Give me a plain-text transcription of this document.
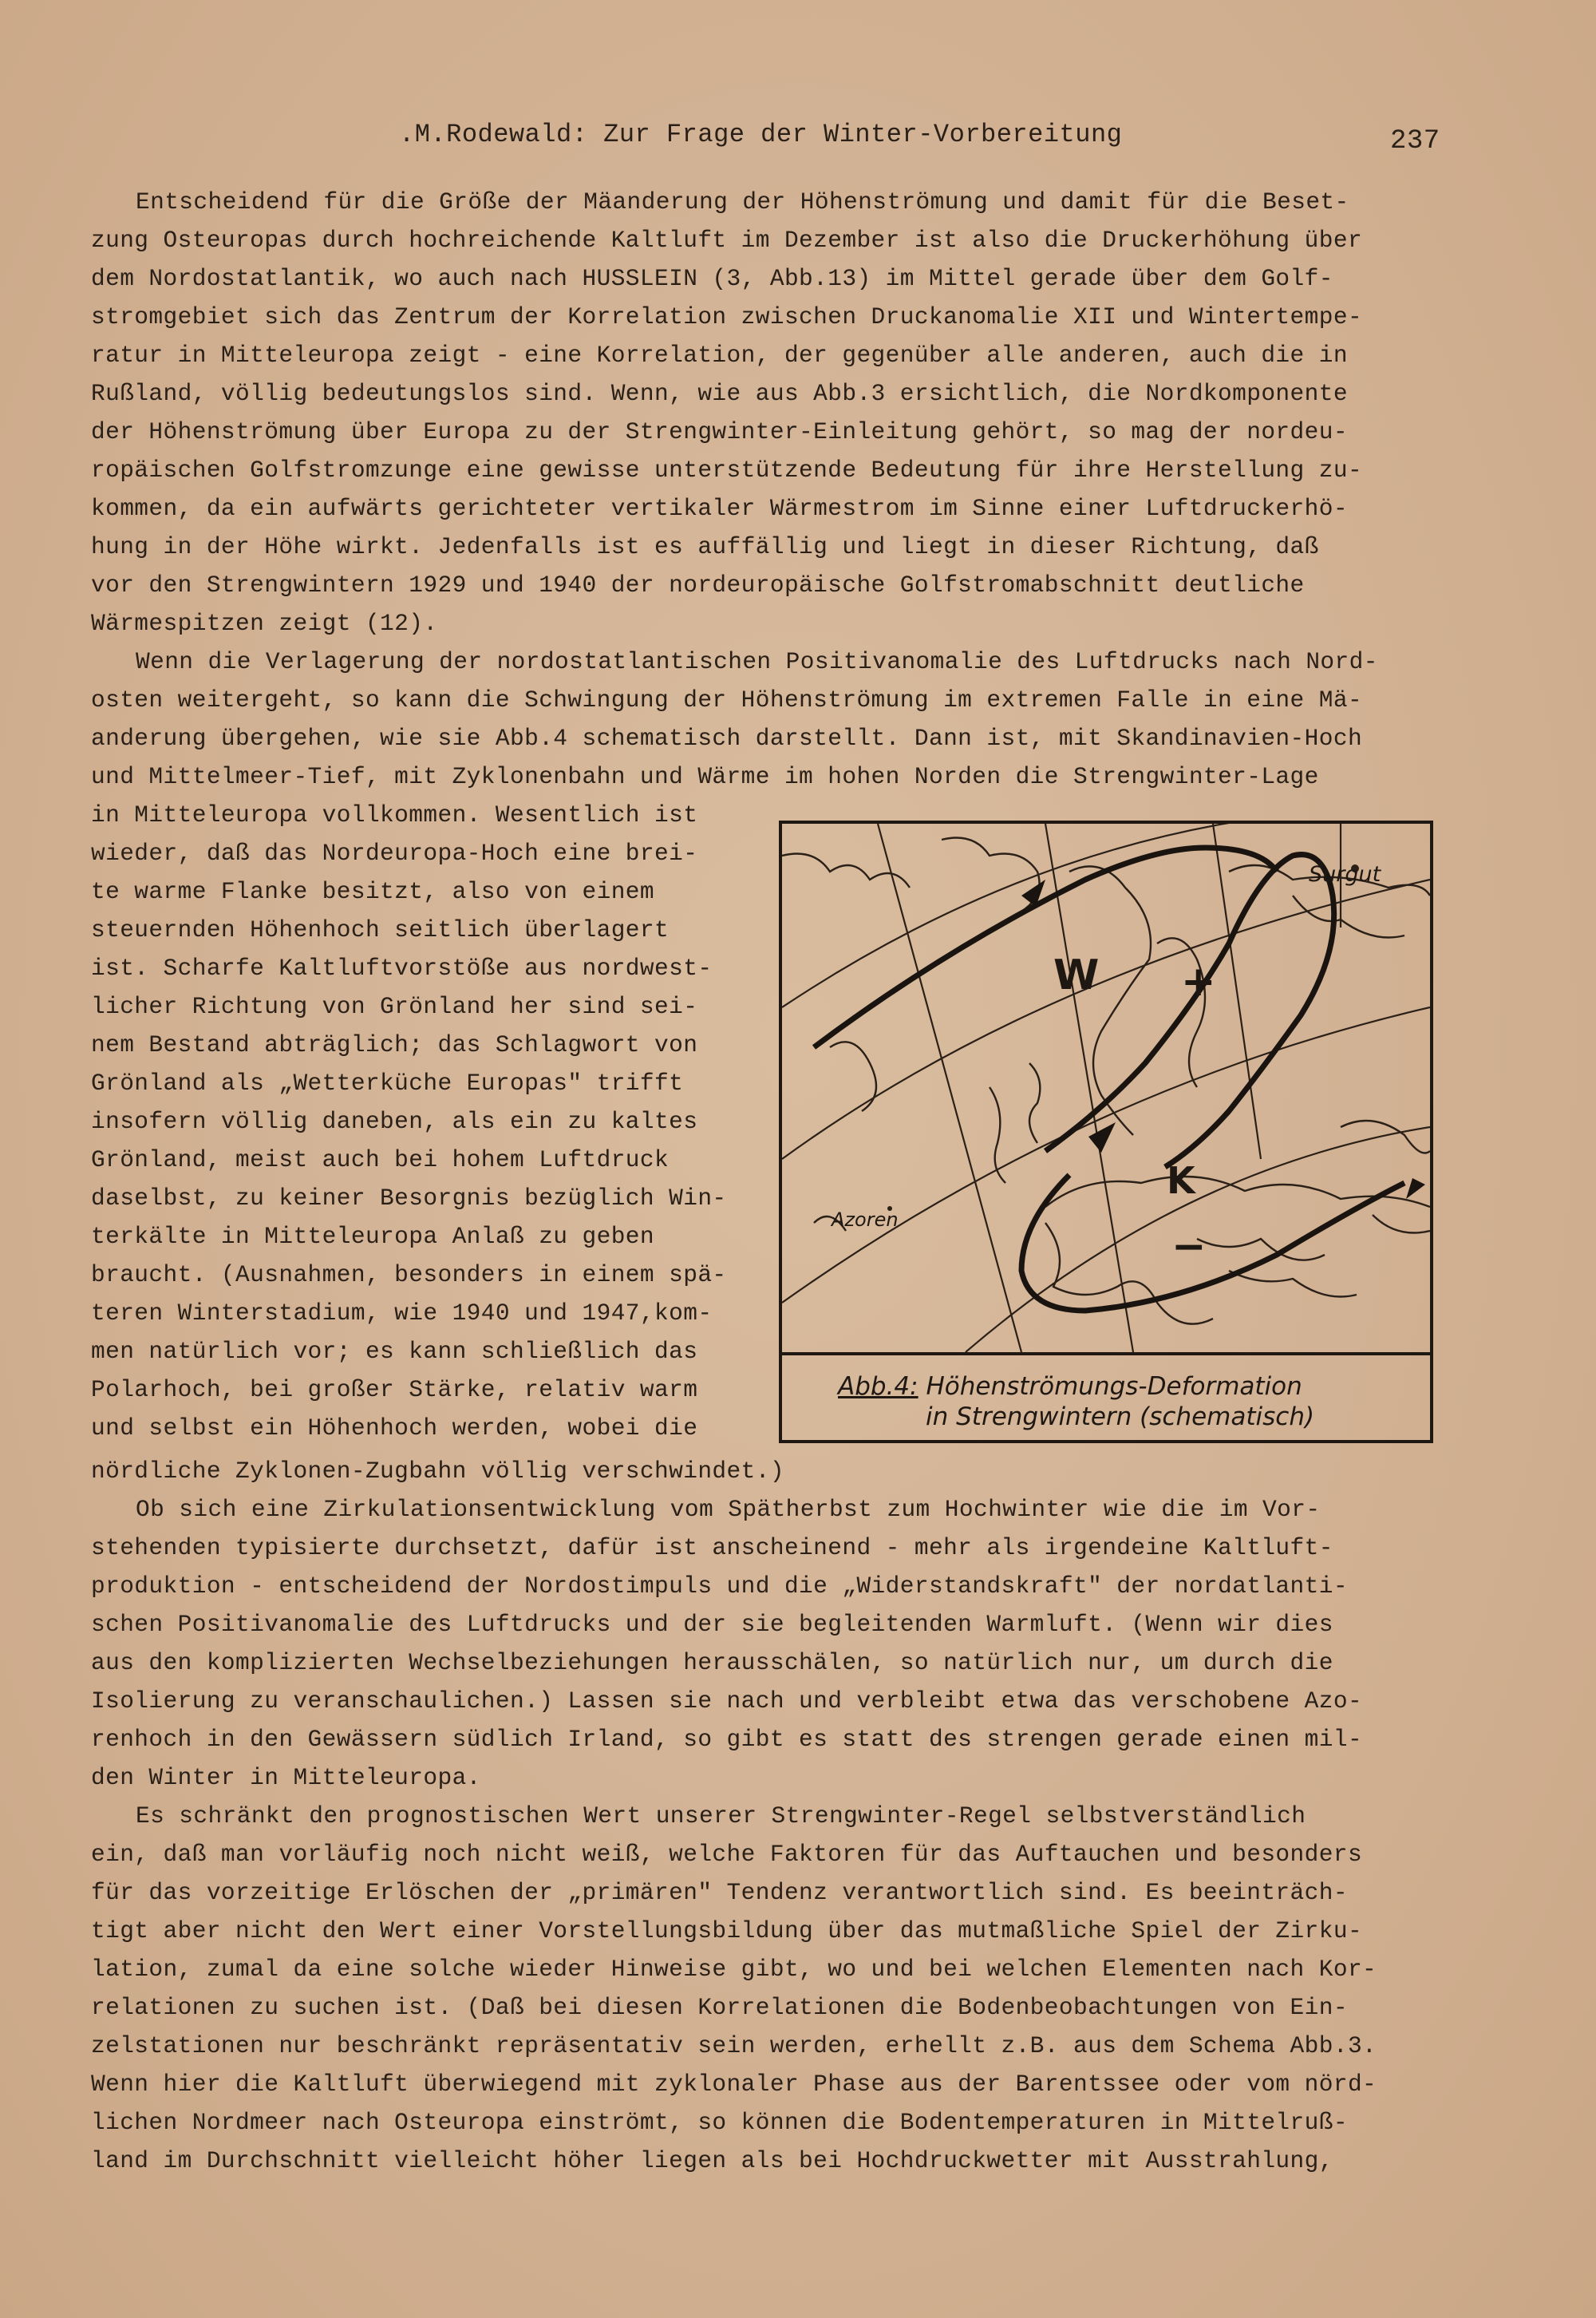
.M.Rodewald: Zur Frage der Winter-Vorbereitung	237
Entscheidend für die Größe der Mäanderung der Höhenströmung und damit für die Beset-
zung Osteuropas durch hochreichende Kaltluft im Dezember ist also die Druckerhöhung über
dem Nordostatlantik, wo auch nach HUSSLEIN (3, Abb.13) im Mittel gerade über dem Golf-
stromgebiet sich das Zentrum der Korrelation zwischen Druckanomalie XII und Wintertempe-
ratur in Mitteleuropa zeigt - eine Korrelation, der gegenüber alle anderen, auch die in
Rußland, völlig bedeutungslos sind. Wenn, wie aus Abb.3 ersichtlich, die Nordkomponente
der Höhenströmung über Europa zu der Strengwinter-Einleitung gehört, so mag der nordeu-
ropäischen Golfstromzunge eine gewisse unterstützende Bedeutung für ihre Herstellung zu-
kommen, da ein aufwärts gerichteter vertikaler Wärmestrom im Sinne einer Luftdruckerhö-
hung in der Höhe wirkt. Jedenfalls ist es auffällig und liegt in dieser Richtung, daß
vor den Strengwintern 1929 und 1940 der nordeuropäische Golfstromabschnitt deutliche
Wärmespitzen zeigt (12).
Wenn die Verlagerung der nordostatlantischen Positivanomalie des Luftdrucks nach Nord-
osten weitergeht, so kann die Schwingung der Höhenströmung im extremen Falle in eine Mä-
anderung übergehen, wie sie Abb.4 schematisch darstellt. Dann ist, mit Skandinavien-Hoch
und Mittelmeer-Tief, mit Zyklonenbahn und Wärme im hohen Norden die Strengwinter-Lage
in Mitteleuropa vollkommen. Wesentlich ist
wieder, daß das Nordeuropa-Hoch eine brei-
te warme Flanke besitzt, also von einem
steuernden Höhenhoch seitlich überlagert
ist. Scharfe Kaltluftvorstöße aus nordwest-
licher Richtung von Grönland her sind sei-
nem Bestand abträglich; das Schlagwort von
Grönland als „Wetterküche Europas" trifft
insofern völlig daneben, als ein zu kaltes
Grönland, meist auch bei hohem Luftdruck
daselbst, zu keiner Besorgnis bezüglich Win-
terkälte in Mitteleuropa Anlaß zu geben
braucht. (Ausnahmen, besonders in einem spä-
teren Winterstadium, wie 1940 und 1947,kom-
men natürlich vor; es kann schließlich das
Polarhoch, bei großer Stärke, relativ warm
und selbst ein Höhenhoch werden, wobei die
nördliche Zyklonen-Zugbahn völlig verschwindet.)
Ob sich eine Zirkulationsentwicklung vom Spätherbst zum Hochwinter wie die im Vor-
stehenden typisierte durchsetzt, dafür ist anscheinend - mehr als irgendeine Kaltluft-
produktion - entscheidend der Nordostimpuls und die „Widerstandskraft" der nordatlanti-
schen Positivanomalie des Luftdrucks und der sie begleitenden Warmluft. (Wenn wir dies
aus den komplizierten Wechselbeziehungen herausschälen, so natürlich nur, um durch die
Isolierung zu veranschaulichen.) Lassen sie nach und verbleibt etwa das verschobene Azo-
renhoch in den Gewässern südlich Irland, so gibt es statt des strengen gerade einen mil-
den Winter in Mitteleuropa.
Es schränkt den prognostischen Wert unserer Strengwinter-Regel selbstverständlich
ein, daß man vorläufig noch nicht weiß, welche Faktoren für das Auftauchen und besonders
für das vorzeitige Erlöschen der „primären" Tendenz verantwortlich sind. Es beeinträch-
tigt aber nicht den Wert einer Vorstellungsbildung über das mutmaßliche Spiel der Zirku-
lation, zumal da eine solche wieder Hinweise gibt, wo und bei welchen Elementen nach Kor-
relationen zu suchen ist. (Daß bei diesen Korrelationen die Bodenbeobachtungen von Ein-
zelstationen nur beschränkt repräsentativ sein werden, erhellt z.B. aus dem Schema Abb.3.
Wenn hier die Kaltluft überwiegend mit zyklonaler Phase aus der Barentssee oder vom nörd-
lichen Nordmeer nach Osteuropa einströmt, so können die Bodentemperaturen in Mittelruß-
land im Durchschnitt vielleicht höher liegen als bei Hochdruckwetter mit Ausstrahlung,
Surgut
Azoren
W +
K
−
Abb.4: Höhenströmungs-Deformation
in Strengwintern (schematisch)
